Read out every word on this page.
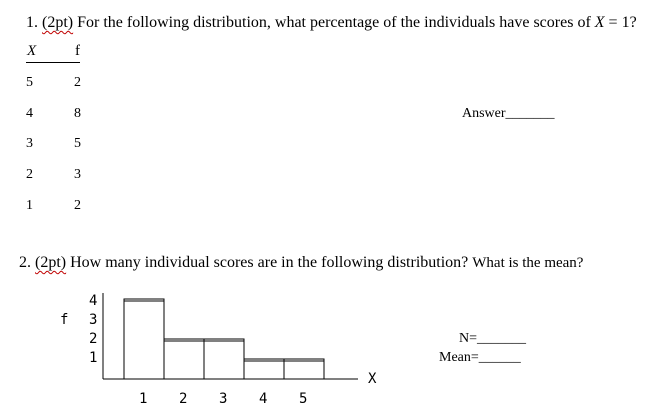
1. (2pt) For the following distribution, what percentage of the individuals have scores of X = 1?
X	f
5	2
4	8
3	5
2	3
1	2
Answer_______
2. (2pt) How many individual scores are in the following distribution? What is the mean?
f
4
3
2
1
X
1 2 3 4 5
N=_______
Mean=______
